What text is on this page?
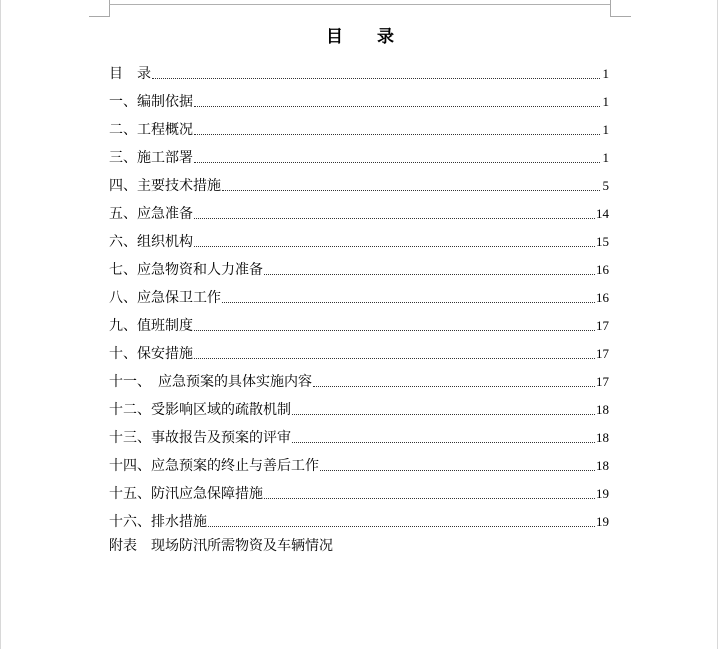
目 录
目　录	1
一、编制依据	1
二、工程概况	1
三、施工部署	1
四、主要技术措施	5
五、应急准备	14
六、组织机构	15
七、应急物资和人力准备	16
八、应急保卫工作	16
九、值班制度	17
十、保安措施	17
十一、　应急预案的具体实施内容	17
十二、受影响区域的疏散机制	18
十三、事故报告及预案的评审	18
十四、应急预案的终止与善后工作	18
十五、防汛应急保障措施	19
十六、排水措施	19
附表　现场防汛所需物资及车辆情况
